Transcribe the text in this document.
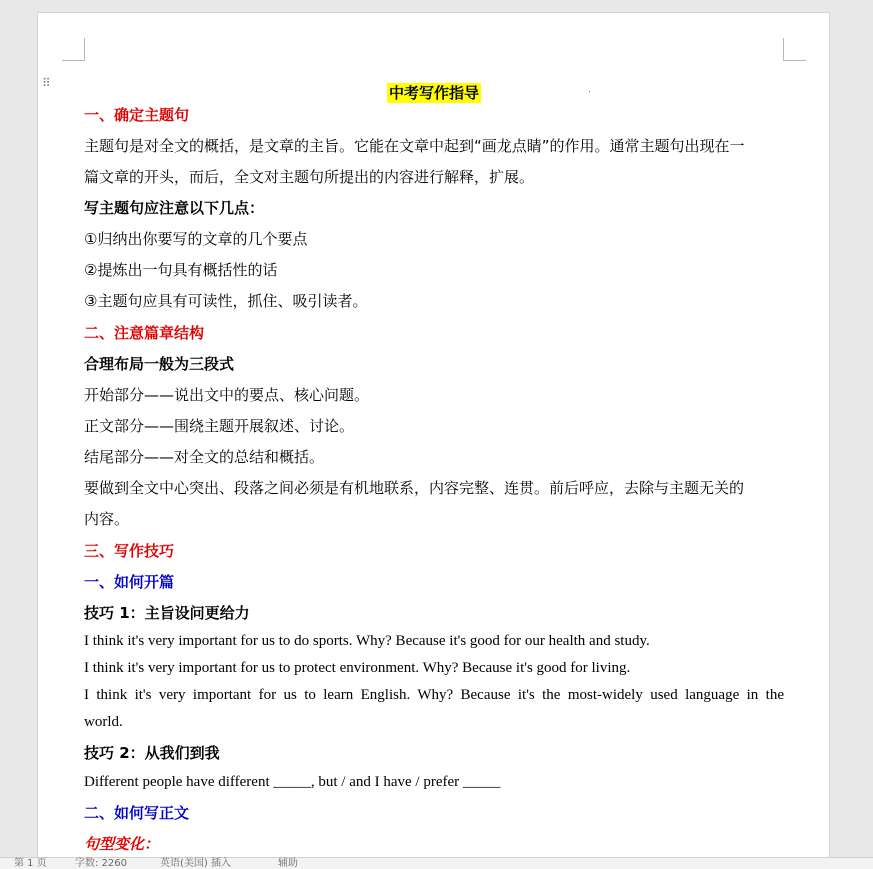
⠿
中考写作指导
一、确定主题句
主题句是对全文的概括，是文章的主旨。它能在文章中起到“画龙点睛”的作用。通常主题句出现在一
篇文章的开头，而后，全文对主题句所提出的内容进行解释，扩展。
写主题句应注意以下几点：
①归纳出你要写的文章的几个要点
②提炼出一句具有概括性的话
③主题句应具有可读性，抓住、吸引读者。
二、注意篇章结构
合理布局一般为三段式
开始部分——说出文中的要点、核心问题。
正文部分——围绕主题开展叙述、讨论。
结尾部分——对全文的总结和概括。
要做到全文中心突出、段落之间必须是有机地联系，内容完整、连贯。前后呼应，去除与主题无关的
内容。
三、写作技巧
一、如何开篇
技巧 1：主旨设问更给力
I think it's very important for us to do sports. Why? Because it's good for our health and study.
I think it's very important for us to protect environment. Why? Because it's good for living.
I think it's very important for us to learn English. Why? Because it's the most-widely used language in the
world.
技巧 2：从我们到我
Different people have different _____, but / and I have / prefer _____
二、如何写正文
句型变化：
第 1 页	字数: 2260	英语(美国) 插入	辅助
